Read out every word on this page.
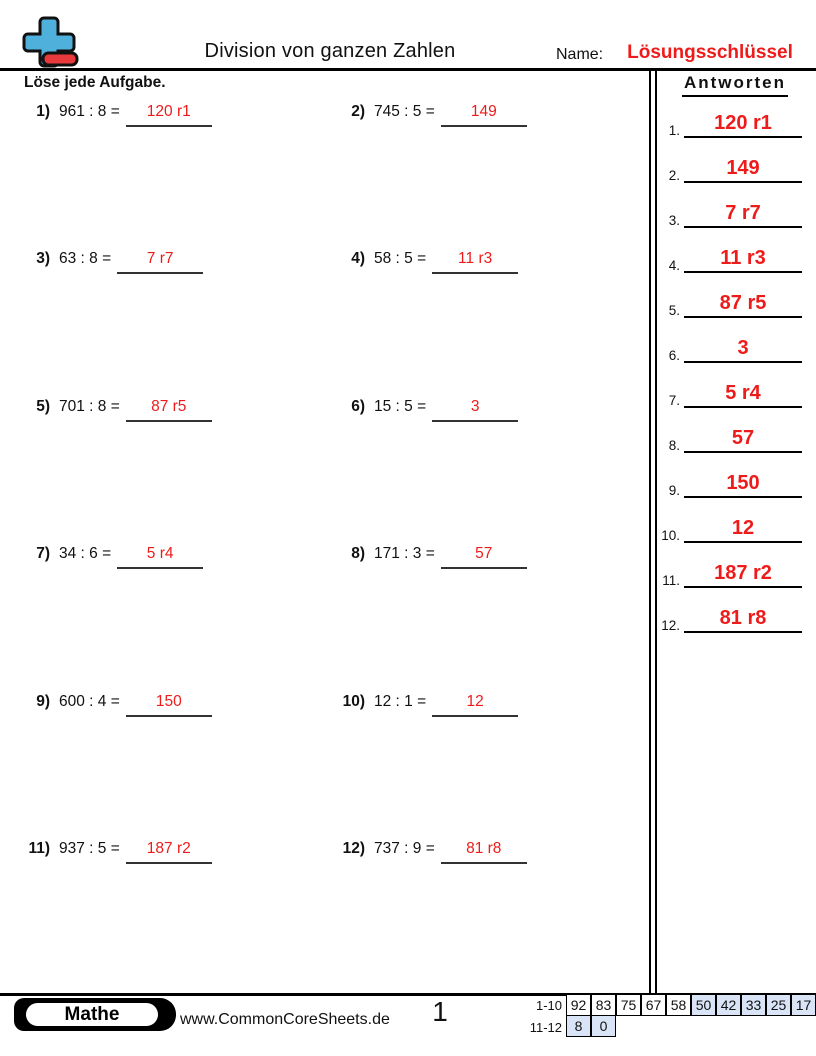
Division von ganzen Zahlen	Name:	Lösungsschlüssel
Löse jede Aufgabe.	Antworten
1.	120 r1
2.	149
3.	7 r7
4.	11 r3
5.	87 r5
6.	3
7.	5 r4
8.	57
9.	150
10.	12
11.	187 r2
12.	81 r8
1) 961 : 8 =	120 r1	2) 745 : 5 =	149
3) 63 : 8 =	7 r7	4) 58 : 5 =	11 r3
5) 701 : 8 =	87 r5	6) 15 : 5 =	3
7) 34 : 6 =	5 r4	8) 171 : 3 =	57
9) 600 : 4 =	150	10) 12 : 1 =	12
11) 937 : 5 =	187 r2	12) 737 : 9 =	81 r8
Mathe	www.CommonCoreSheets.de	1	1-10 92 83 75 67 58 50 42 33 25 17
11-12 8	0
